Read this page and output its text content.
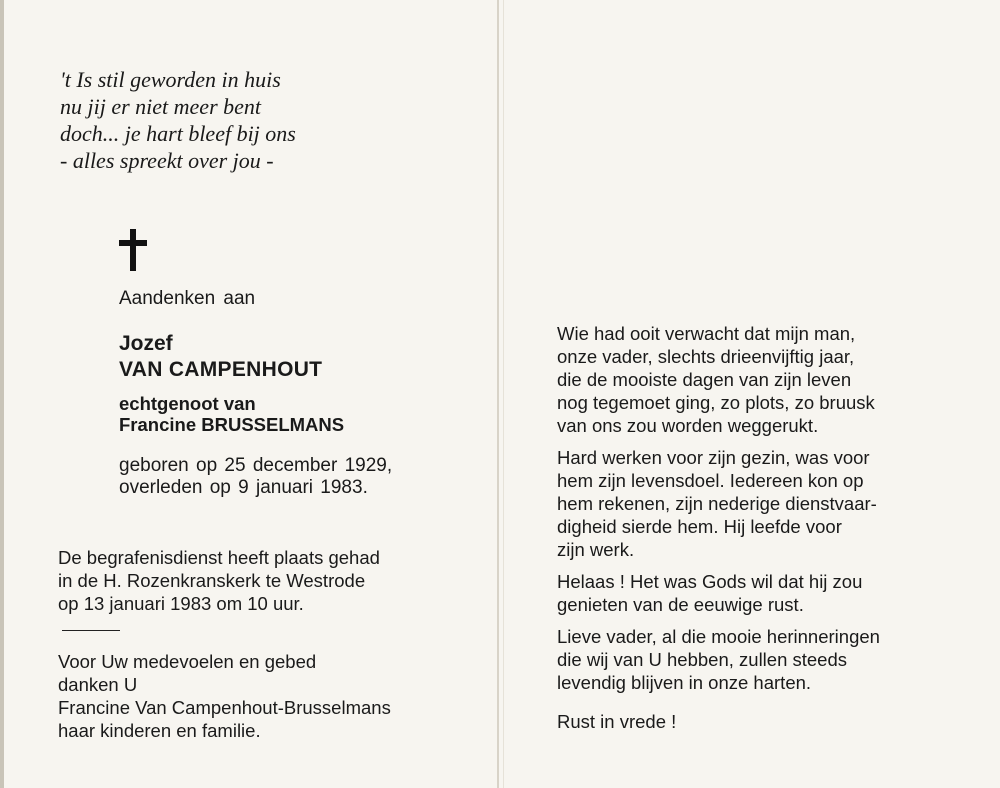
't Is stil geworden in huis
nu jij er niet meer bent
doch... je hart bleef bij ons
- alles spreekt over jou -
Aandenken aan
Jozef
VAN CAMPENHOUT
echtgenoot van
Francine BRUSSELMANS
geboren op 25 december 1929,
overleden op 9 januari 1983.
De begrafenisdienst heeft plaats gehad
in de H. Rozenkranskerk te Westrode
op 13 januari 1983 om 10 uur.
Voor Uw medevoelen en gebed
danken U
Francine Van Campenhout-Brusselmans
haar kinderen en familie.
Wie had ooit verwacht dat mijn man,
onze vader, slechts drieenvijftig jaar,
die de mooiste dagen van zijn leven
nog tegemoet ging, zo plots, zo bruusk
van ons zou worden weggerukt.
Hard werken voor zijn gezin, was voor
hem zijn levensdoel. Iedereen kon op
hem rekenen, zijn nederige dienstvaar-
digheid sierde hem. Hij leefde voor
zijn werk.
Helaas ! Het was Gods wil dat hij zou
genieten van de eeuwige rust.
Lieve vader, al die mooie herinneringen
die wij van U hebben, zullen steeds
levendig blijven in onze harten.
Rust in vrede !
